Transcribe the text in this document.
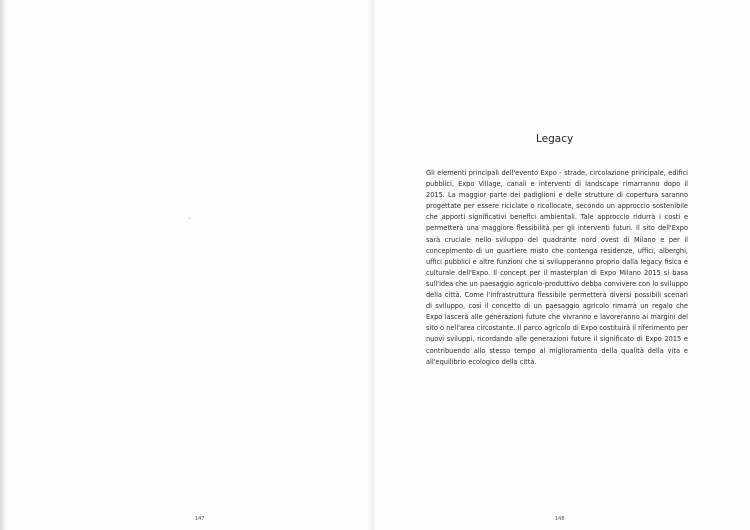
147
Legacy

Gli elementi principali dell'evento Expo - strade, circolazione principale, edifici pubblici, Expo Village, canali e interventi di landscape rimarranno dopo il 2015. La maggior parte dei padiglioni e delle strutture di copertura saranno progettate per essere riciclate o ricollocate, secondo un approccio sostenibile che apporti significativi benefici ambientali. Tale approccio ridurrà i costi e permetterà una maggiore flessibilità per gli interventi futuri. Il sito dell'Expo sarà cruciale nello sviluppo del quadrante nord ovest di Milano e per il concepimento di un quartiere misto che contenga residenze, uffici, alberghi, uffici pubblici e altre funzioni che si svilupperanno proprio dalla legacy fisica e culturale dell'Expo. Il concept per il masterplan di Expo Milano 2015 si basa sull'idea che un paesaggio agricolo-produttivo debba convivere con lo sviluppo della città. Come l'infrastruttura flessibile permetterà diversi possibili scenari di sviluppo, così il concetto di un paesaggio agricolo rimarrà un regalo che Expo lascerà alle generazioni future che vivranno e lavoreranno ai margini del sito o nell'area circostante. Il parco agricolo di Expo costituirà il riferimento per nuovi sviluppi, ricordando alle generazioni future il significato di Expo 2015 e contribuendo allo stesso tempo al miglioramento della qualità della vita e all'equilibrio ecologico della città.

148
